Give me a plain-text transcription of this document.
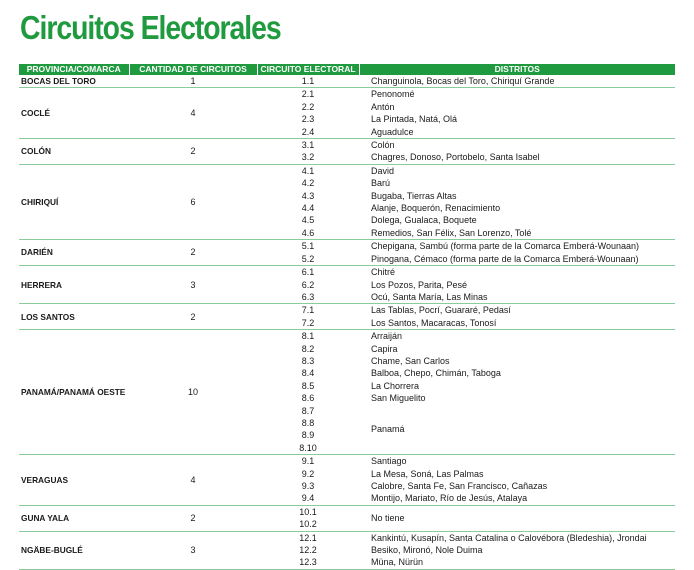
Circuitos Electorales
PROVINCIA/COMARCA	CANTIDAD DE CIRCUITOS	CIRCUITO ELECTORAL	DISTRITOS
BOCAS DEL TORO	1	1.1	Changuinola, Bocas del Toro, Chiriquí Grande
COCLÉ	4	2.1	Penonomé
		2.2	Antón
		2.3	La Pintada, Natá, Olá
		2.4	Aguadulce
COLÓN	2	3.1	Colón
		3.2	Chagres, Donoso, Portobelo, Santa Isabel
CHIRIQUÍ	6	4.1	David
		4.2	Barú
		4.3	Bugaba, Tierras Altas
		4.4	Alanje, Boquerón, Renacimiento
		4.5	Dolega, Gualaca, Boquete
		4.6	Remedios, San Félix, San Lorenzo, Tolé
DARIÉN	2	5.1	Chepigana, Sambú (forma parte de la Comarca Emberá-Wounaan)
		5.2	Pinogana, Cémaco (forma parte de la Comarca Emberá-Wounaan)
HERRERA	3	6.1	Chitré
		6.2	Los Pozos, Parita, Pesé
		6.3	Ocú, Santa María, Las Minas
LOS SANTOS	2	7.1	Las Tablas, Pocrí, Guararé, Pedasí
		7.2	Los Santos, Macaracas, Tonosí
PANAMÁ/PANAMÁ OESTE	10	8.1	Arraiján
		8.2	Capira
		8.3	Chame, San Carlos
		8.4	Balboa, Chepo, Chimán, Taboga
		8.5	La Chorrera
		8.6	San Miguelito
		8.7	Panamá
		8.8	
		8.9	
		8.10	
VERAGUAS	4	9.1	Santiago
		9.2	La Mesa, Soná, Las Palmas
		9.3	Calobre, Santa Fe, San Francisco, Cañazas
		9.4	Montijo, Mariato, Río de Jesús, Atalaya
GUNA YALA	2	10.1	No tiene
		10.2	
NGÄBE-BUGLÉ	3	12.1	Kankintú, Kusapín, Santa Catalina o Calovébora (Bledeshia), Jrondai
		12.2	Besiko, Mironó, Nole Duima
		12.3	Müna, Nürün
